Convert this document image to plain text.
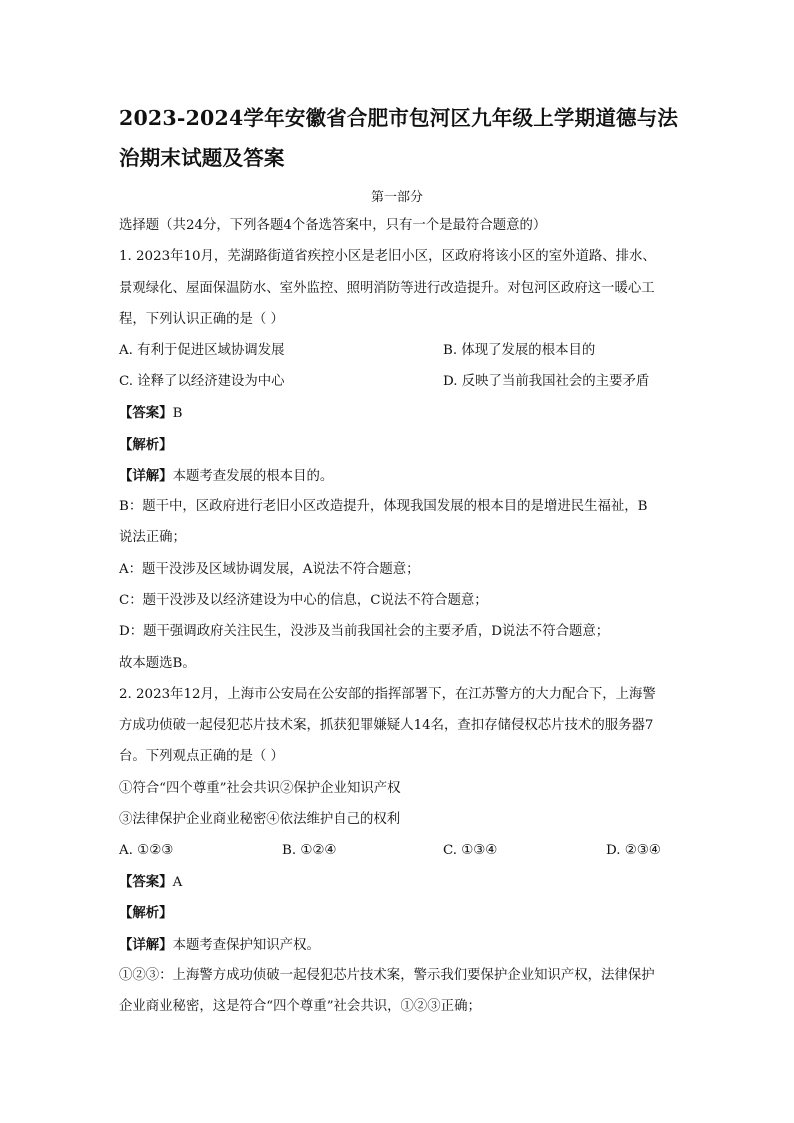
2023-2024学年安徽省合肥市包河区九年级上学期道德与法治期末试题及答案
第一部分
选择题（共24分，下列各题4个备选答案中，只有一个是最符合题意的）
1. 2023年10月，芜湖路街道省疾控小区是老旧小区，区政府将该小区的室外道路、排水、
景观绿化、屋面保温防水、室外监控、照明消防等进行改造提升。对包河区政府这一暖心工
程，下列认识正确的是（ ）
A. 有利于促进区域协调发展	B. 体现了发展的根本目的
C. 诠释了以经济建设为中心	D. 反映了当前我国社会的主要矛盾
【答案】B
【解析】
【详解】本题考查发展的根本目的。
B：题干中，区政府进行老旧小区改造提升，体现我国发展的根本目的是增进民生福祉，B
说法正确；
A：题干没涉及区域协调发展，A说法不符合题意；
C：题干没涉及以经济建设为中心的信息，C说法不符合题意；
D：题干强调政府关注民生，没涉及当前我国社会的主要矛盾，D说法不符合题意；
故本题选B。
2. 2023年12月，上海市公安局在公安部的指挥部署下，在江苏警方的大力配合下，上海警
方成功侦破一起侵犯芯片技术案，抓获犯罪嫌疑人14名，查扣存储侵权芯片技术的服务器7
台。下列观点正确的是（ ）
①符合“四个尊重”社会共识②保护企业知识产权
③法律保护企业商业秘密④依法维护自己的权利
A. ①②③	B. ①②④	C. ①③④	D. ②③④
【答案】A
【解析】
【详解】本题考查保护知识产权。
①②③：上海警方成功侦破一起侵犯芯片技术案，警示我们要保护企业知识产权，法律保护
企业商业秘密，这是符合“四个尊重”社会共识，①②③正确；
